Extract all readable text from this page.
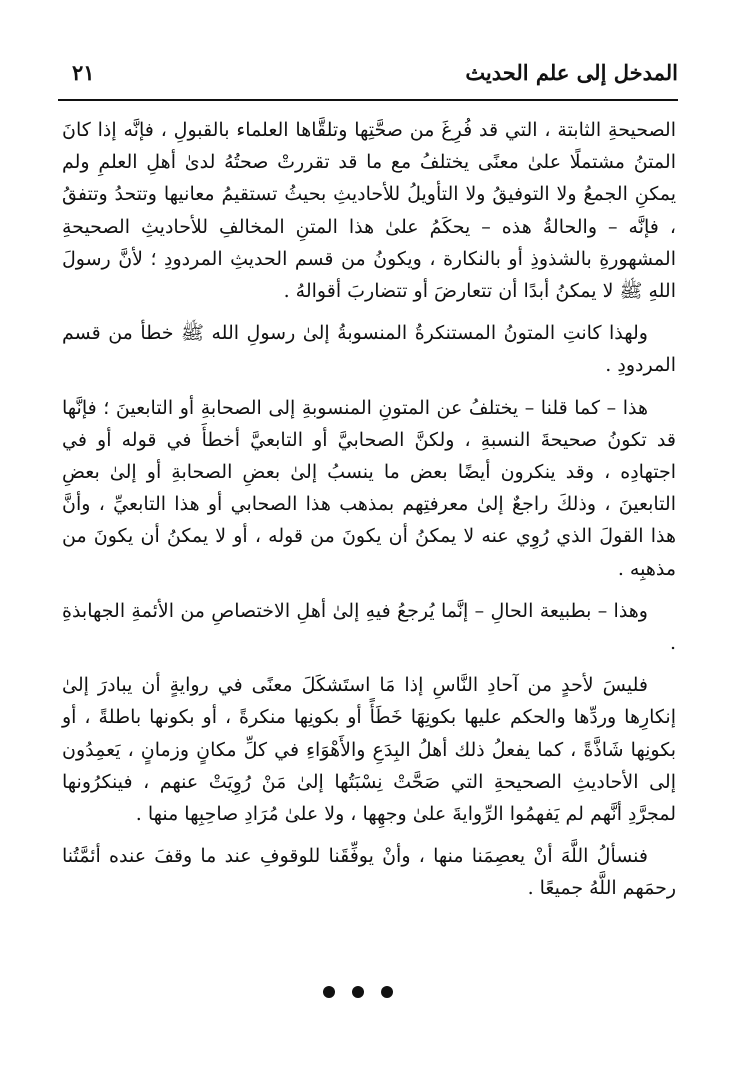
المدخل إلى علم الحديث
٢١

الصحيحةِ الثابتة ، التي قد فُرِغَ من صحَّتِها وتلقَّاها العلماء بالقبولِ ، فإنَّه إذا كانَ المتنُ مشتملًا علىٰ معنًى يختلفُ مع ما قد تقررتْ صحتُهُ لدىٰ أهلِ العلمِ ولم يمكنِ الجمعُ ولا التوفيقُ ولا التأويلُ للأحاديثِ بحيثُ تستقيمُ معانيها وتتحدُ وتتفقُ ، فإنَّه – والحالةُ هذه – يحكَمُ علىٰ هذا المتنِ المخالفِ للأحاديثِ الصحيحةِ المشهورةِ بالشذوذِ أو بالنكارة ، ويكونُ من قسم الحديثِ المردودِ ؛ لأنَّ رسولَ اللهِ ﷺ لا يمكنُ أبدًا أن تتعارضَ أو تتضاربَ أقوالهُ .

ولهذا كانتِ المتونُ المستنكرةُ المنسوبةُ إلىٰ رسولِ الله ﷺ خطأ من قسم المردودِ .

هذا – كما قلنا – يختلفُ عن المتونِ المنسوبةِ إلى الصحابةِ أو التابعينَ ؛ فإنَّها قد تكونُ صحيحةَ النسبةِ ، ولكنَّ الصحابيَّ أو التابعيَّ أخطأَ في قوله أو في اجتهادِه ، وقد ينكرون أيضًا بعض ما ينسبُ إلىٰ بعضِ الصحابةِ أو إلىٰ بعضِ التابعينَ ، وذلكَ راجعٌ إلىٰ معرفتِهم بمذهب هذا الصحابي أو هذا التابعيِّ ، وأنَّ هذا القولَ الذي رُوِي عنه لا يمكنُ أن يكونَ من قوله ، أو لا يمكنُ أن يكونَ من مذهبِه .

وهذا – بطبيعة الحالِ – إنَّما يُرجعُ فيهِ إلىٰ أهلِ الاختصاصِ من الأئمةِ الجهابذةِ .

فليسَ لأحدٍ من آحادِ النَّاسِ إذا مَا استَشكَلَ معنًى في روايةٍ أن يبادرَ إلىٰ إنكارِها وردِّها والحكم عليها بكونِهَا خَطَأً أو بكونِها منكرةً ، أو بكونها باطلةً ، أو بكونِها شَاذَّةً ، كما يفعلُ ذلك أهلُ البِدَعِ والأَهْوَاءِ في كلِّ مكانٍ وزمانٍ ، يَعمِدُون إلى الأحاديثِ الصحيحةِ التي صَحَّتْ نِسْبَتُها إلىٰ مَنْ رُوِيَتْ عنهم ، فينكرُونها لمجرَّدِ أنَّهم لم يَفهمُوا الرِّوايةَ علىٰ وجهِها ، ولا علىٰ مُرَادِ صاحِبِها منها .

فنسألُ اللَّهَ أنْ يعصِمَنا منها ، وأنْ يوفِّقَنا للوقوفِ عند ما وقفَ عنده أئمَّتُنا رحمَهم اللَّهُ جميعًا .
